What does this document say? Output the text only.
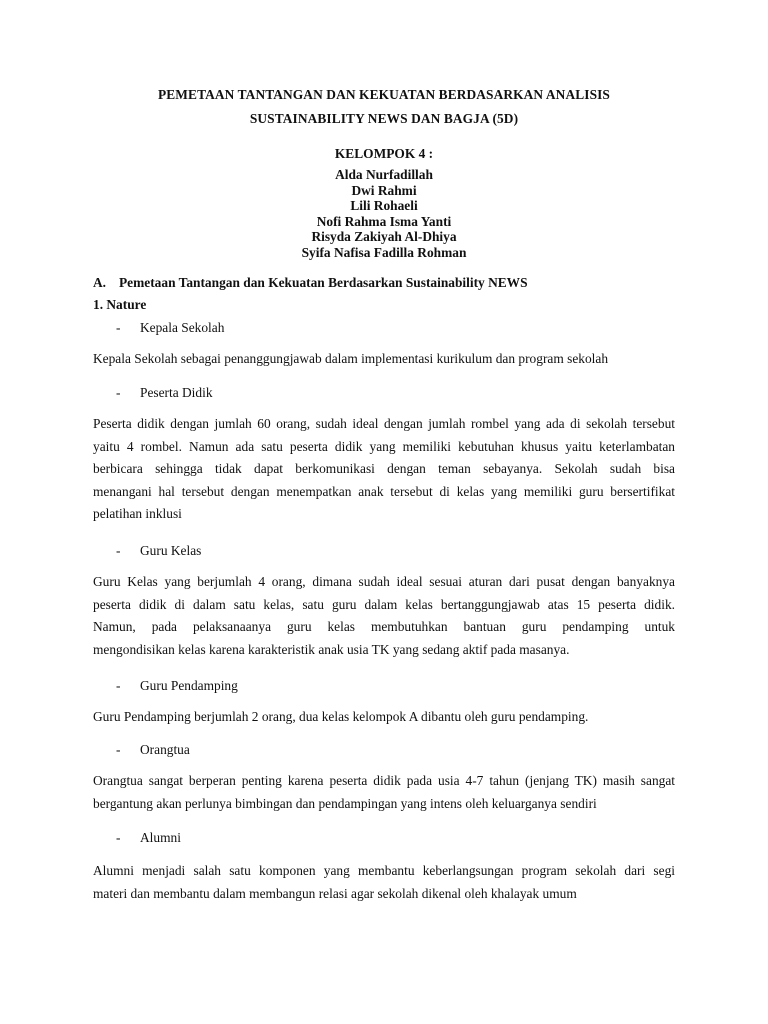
PEMETAAN TANTANGAN DAN KEKUATAN BERDASARKAN ANALISIS
SUSTAINABILITY NEWS DAN BAGJA (5D)
KELOMPOK 4 :
Alda Nurfadillah
Dwi Rahmi
Lili Rohaeli
Nofi Rahma Isma Yanti
Risyda Zakiyah Al-Dhiya
Syifa Nafisa Fadilla Rohman
A. Pemetaan Tantangan dan Kekuatan Berdasarkan Sustainability NEWS
1. Nature
- Kepala Sekolah
Kepala Sekolah sebagai penanggungjawab dalam implementasi kurikulum dan program sekolah
- Peserta Didik
Peserta didik dengan jumlah 60 orang, sudah ideal dengan jumlah rombel yang ada di sekolah tersebut
yaitu 4 rombel. Namun ada satu peserta didik yang memiliki kebutuhan khusus yaitu keterlambatan
berbicara sehingga tidak dapat berkomunikasi dengan teman sebayanya. Sekolah sudah bisa
menangani hal tersebut dengan menempatkan anak tersebut di kelas yang memiliki guru bersertifikat
pelatihan inklusi
- Guru Kelas
Guru Kelas yang berjumlah 4 orang, dimana sudah ideal sesuai aturan dari pusat dengan banyaknya
peserta didik di dalam satu kelas, satu guru dalam kelas bertanggungjawab atas 15 peserta didik.
Namun, pada pelaksanaanya guru kelas membutuhkan bantuan guru pendamping untuk
mengondisikan kelas karena karakteristik anak usia TK yang sedang aktif pada masanya.
- Guru Pendamping
Guru Pendamping berjumlah 2 orang, dua kelas kelompok A dibantu oleh guru pendamping.
- Orangtua
Orangtua sangat berperan penting karena peserta didik pada usia 4-7 tahun (jenjang TK) masih sangat
bergantung akan perlunya bimbingan dan pendampingan yang intens oleh keluarganya sendiri
- Alumni
Alumni menjadi salah satu komponen yang membantu keberlangsungan program sekolah dari segi
materi dan membantu dalam membangun relasi agar sekolah dikenal oleh khalayak umum
